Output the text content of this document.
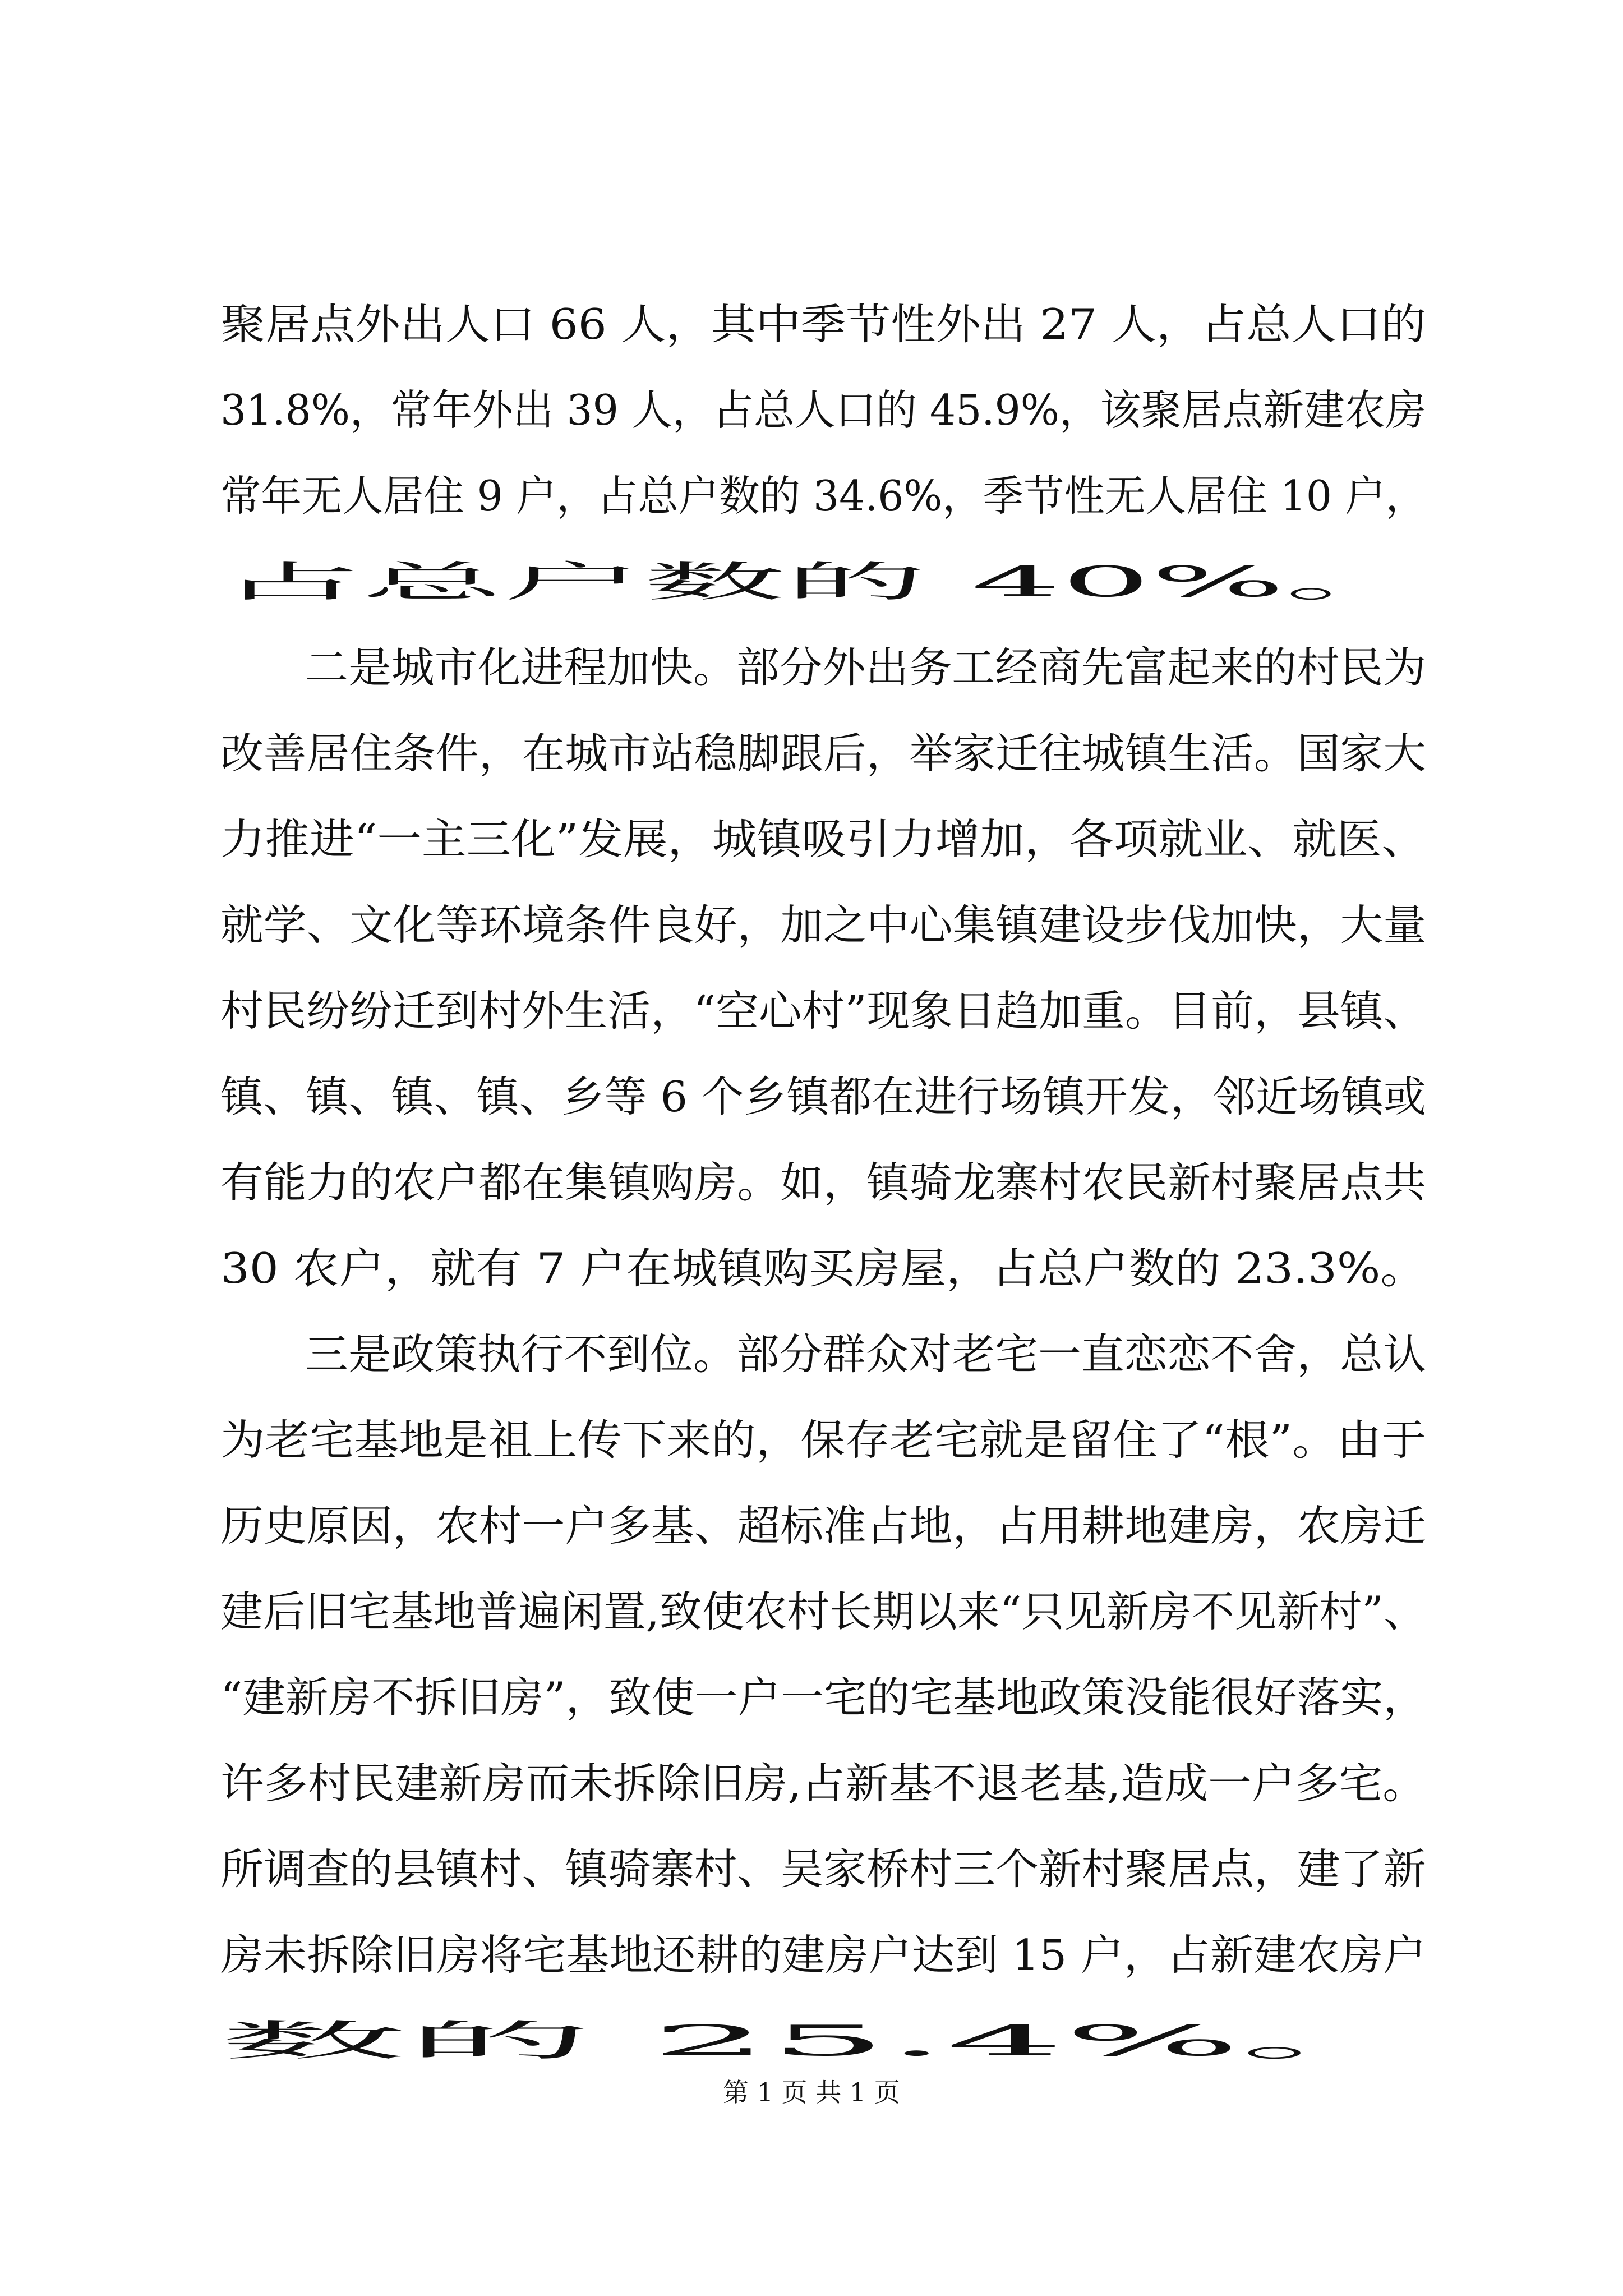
聚居点外出人口 66 人，其中季节性外出 27 人，占总人口的
31.8%，常年外出 39 人，占总人口的 45.9%，该聚居点新建农房
常年无人居住 9 户，占总户数的 34.6%，季节性无人居住 10 户，
占总户数的 40%。
二是城市化进程加快。部分外出务工经商先富起来的村民为
改善居住条件，在城市站稳脚跟后，举家迁往城镇生活。国家大
力推进“一主三化”发展，城镇吸引力增加，各项就业、就医、
就学、文化等环境条件良好，加之中心集镇建设步伐加快，大量
村民纷纷迁到村外生活，“空心村”现象日趋加重。目前，县镇、
镇、镇、镇、镇、乡等 6 个乡镇都在进行场镇开发，邻近场镇或
有能力的农户都在集镇购房。如，镇骑龙寨村农民新村聚居点共
30 农户，就有 7 户在城镇购买房屋，占总户数的 23.3%。
三是政策执行不到位。部分群众对老宅一直恋恋不舍，总认
为老宅基地是祖上传下来的，保存老宅就是留住了“根”。由于
历史原因，农村一户多基、超标准占地，占用耕地建房，农房迁
建后旧宅基地普遍闲置,致使农村长期以来“只见新房不见新村”、
“建新房不拆旧房”，致使一户一宅的宅基地政策没能很好落实，
许多村民建新房而未拆除旧房,占新基不退老基,造成一户多宅。
所调查的县镇村、镇骑寨村、吴家桥村三个新村聚居点，建了新
房未拆除旧房将宅基地还耕的建房户达到 15 户，占新建农房户
数的 25.4%。
第 1 页 共 1 页
